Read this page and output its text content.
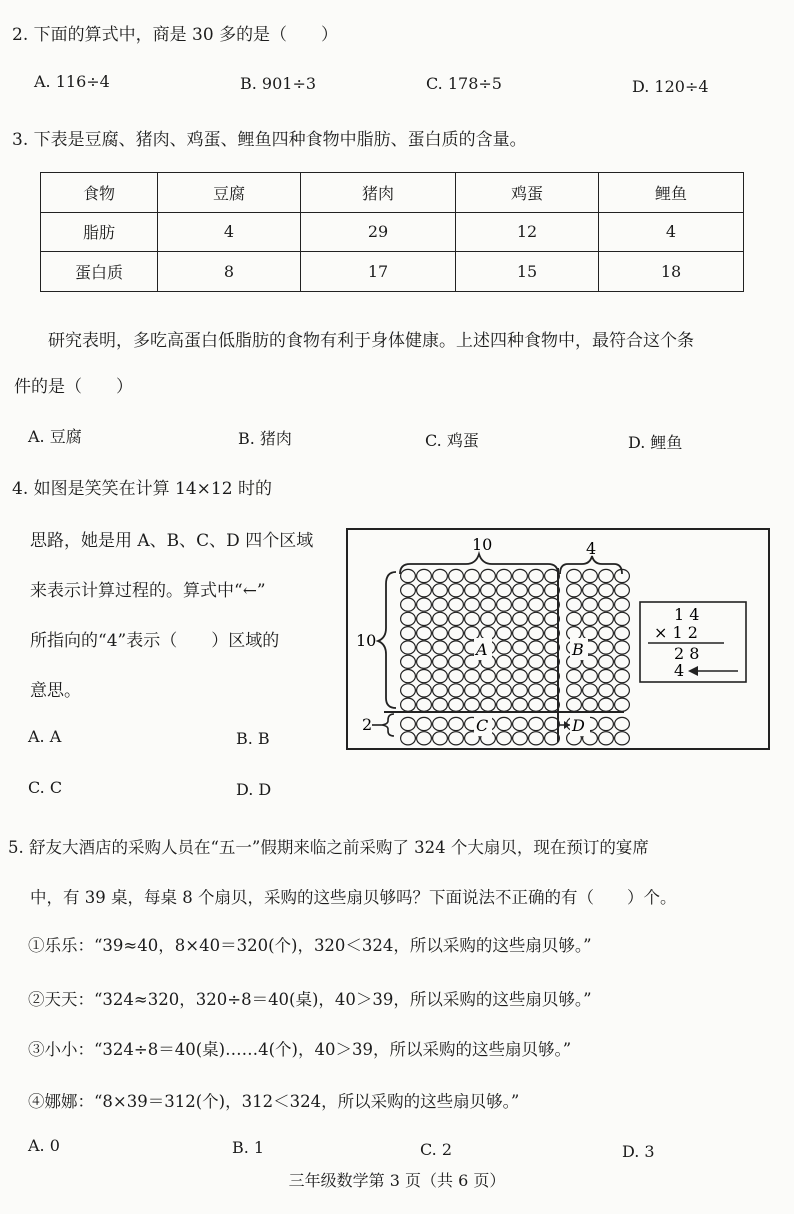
2. 下面的算式中，商是 30 多的是（　　）
A. 116÷4	B. 901÷3	C. 178÷5	D. 120÷4
3. 下表是豆腐、猪肉、鸡蛋、鲤鱼四种食物中脂肪、蛋白质的含量。
食物	豆腐	猪肉	鸡蛋	鲤鱼
脂肪	4	29	12	4
蛋白质	8	17	15	18
研究表明，多吃高蛋白低脂肪的食物有利于身体健康。上述四种食物中，最符合这个条
件的是（　　）
A. 豆腐	B. 猪肉	C. 鸡蛋	D. 鲤鱼
4. 如图是笑笑在计算 14×12 时的
思路，她是用 A、B、C、D 四个区域
来表示计算过程的。算式中“←”
所指向的“4”表示（　　）区域的
意思。
A. A	B. B
C. C	D. D
10	4
10
2
A	B
C	D
1 4
× 1 2
2 8
4
5. 舒友大酒店的采购人员在“五一”假期来临之前采购了 324 个大扇贝，现在预订的宴席
中，有 39 桌，每桌 8 个扇贝，采购的这些扇贝够吗？下面说法不正确的有（　　）个。
①乐乐：“39≈40，8×40＝320(个)，320＜324，所以采购的这些扇贝够。”
②天天：“324≈320，320÷8＝40(桌)，40＞39，所以采购的这些扇贝够。”
③小小：“324÷8＝40(桌)……4(个)，40＞39，所以采购的这些扇贝够。”
④娜娜：“8×39＝312(个)，312＜324，所以采购的这些扇贝够。”
A. 0	B. 1	C. 2	D. 3
三年级数学第 3 页（共 6 页）
